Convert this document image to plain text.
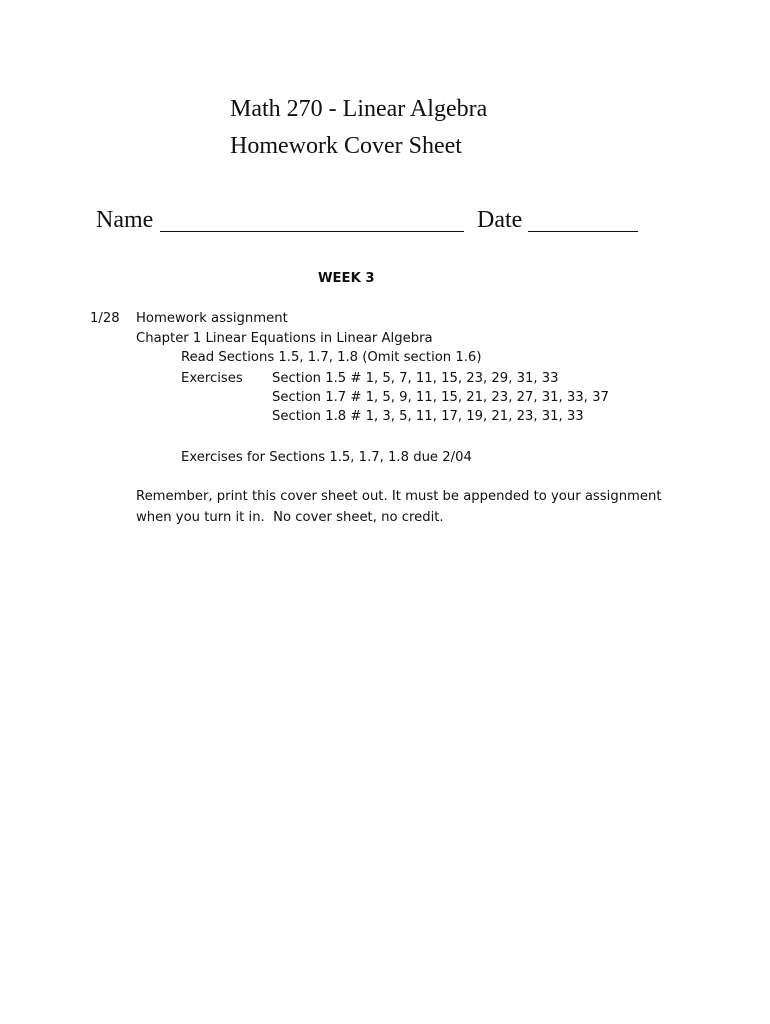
Math 270 - Linear Algebra
Homework Cover Sheet
Name	Date
WEEK 3
1/28 Homework assignment
Chapter 1 Linear Equations in Linear Algebra
Read Sections 1.5, 1.7, 1.8 (Omit section 1.6)
Exercises Section 1.5 # 1, 5, 7, 11, 15, 23, 29, 31, 33
Section 1.7 # 1, 5, 9, 11, 15, 21, 23, 27, 31, 33, 37
Section 1.8 # 1, 3, 5, 11, 17, 19, 21, 23, 31, 33
Exercises for Sections 1.5, 1.7, 1.8 due 2/04
Remember, print this cover sheet out. It must be appended to your assignment
when you turn it in.  No cover sheet, no credit.
